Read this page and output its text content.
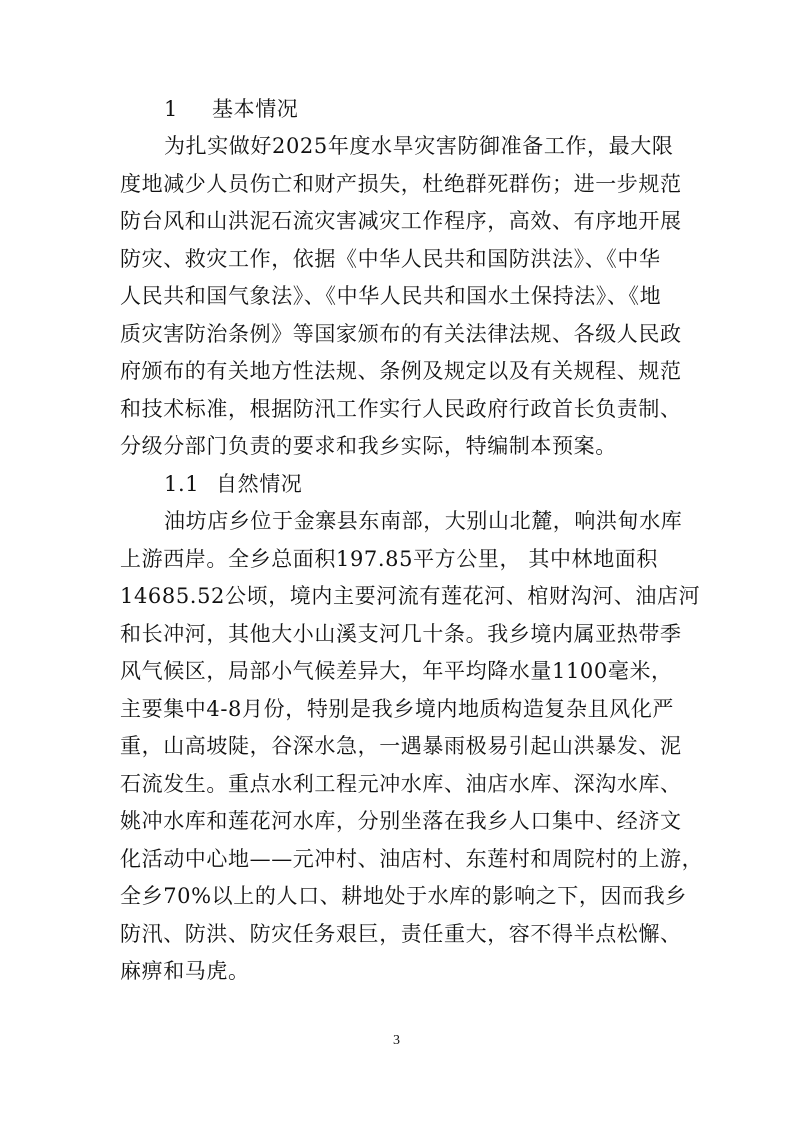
1 基本情况
为扎实做好2025年度水旱灾害防御准备工作，最大限
度地减少人员伤亡和财产损失，杜绝群死群伤；进一步规范
防台风和山洪泥石流灾害减灾工作程序，高效、有序地开展
防灾、救灾工作，依据《中华人民共和国防洪法》、《中华
人民共和国气象法》、《中华人民共和国水土保持法》、《地
质灾害防治条例》等国家颁布的有关法律法规、各级人民政
府颁布的有关地方性法规、条例及规定以及有关规程、规范
和技术标准，根据防汛工作实行人民政府行政首长负责制、
分级分部门负责的要求和我乡实际，特编制本预案。
1.1 自然情况
3
油坊店乡位于金寨县东南部，大别山北麓，响洪甸水库
上游西岸。全乡总面积197.85平方公里， 其中林地面积
14685.52公顷，境内主要河流有莲花河、棺财沟河、油店河
和长冲河，其他大小山溪支河几十条。我乡境内属亚热带季
风气候区，局部小气候差异大，年平均降水量1100毫米，
主要集中4-8月份，特别是我乡境内地质构造复杂且风化严
重，山高坡陡，谷深水急，一遇暴雨极易引起山洪暴发、泥
石流发生。重点水利工程元冲水库、油店水库、深沟水库、
姚冲水库和莲花河水库，分别坐落在我乡人口集中、经济文
化活动中心地——元冲村、油店村、东莲村和周院村的上游，
全乡70%以上的人口、耕地处于水库的影响之下，因而我乡
防汛、防洪、防灾任务艰巨，责任重大，容不得半点松懈、
麻痹和马虎。
